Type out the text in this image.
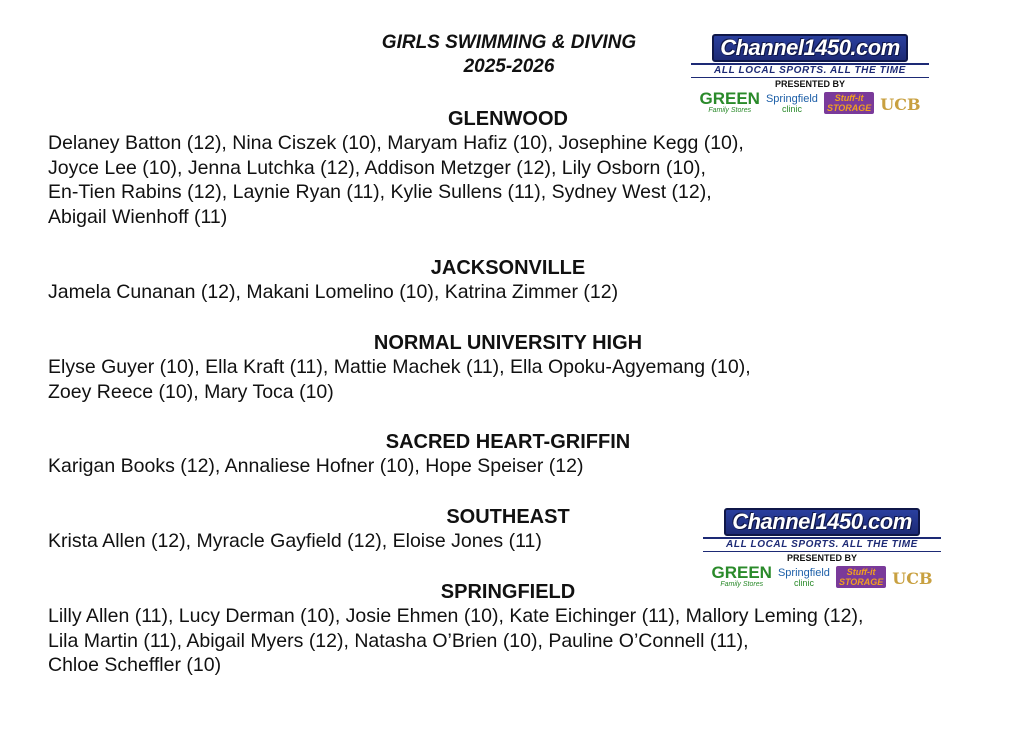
GIRLS SWIMMING & DIVING
2025-2026
Channel1450.com
ALL LOCAL SPORTS. ALL THE TIME
PRESENTED BY
GREEN
Family Stores
Springfield
clinic
Stuff-it
STORAGE UCB
GLENWOOD
Delaney Batton (12), Nina Ciszek (10), Maryam Hafiz (10), Josephine Kegg (10),
Joyce Lee (10), Jenna Lutchka (12), Addison Metzger (12), Lily Osborn (10),
En-Tien Rabins (12), Laynie Ryan (11), Kylie Sullens (11), Sydney West (12),
Abigail Wienhoff (11)
JACKSONVILLE
Jamela Cunanan (12), Makani Lomelino (10), Katrina Zimmer (12)
NORMAL UNIVERSITY HIGH
Elyse Guyer (10), Ella Kraft (11), Mattie Machek (11), Ella Opoku-Agyemang (10),
Zoey Reece (10), Mary Toca (10)
SACRED HEART-GRIFFIN
Karigan Books (12), Annaliese Hofner (10), Hope Speiser (12)
SOUTHEAST
Krista Allen (12), Myracle Gayfield (12), Eloise Jones (11)
Channel1450.com
ALL LOCAL SPORTS. ALL THE TIME
PRESENTED BY
GREEN
Family Stores
Springfield
clinic
Stuff-it
STORAGE UCB
SPRINGFIELD
Lilly Allen (11), Lucy Derman (10), Josie Ehmen (10), Kate Eichinger (11), Mallory Leming (12),
Lila Martin (11), Abigail Myers (12), Natasha O’Brien (10), Pauline O’Connell (11),
Chloe Scheffler (10)
